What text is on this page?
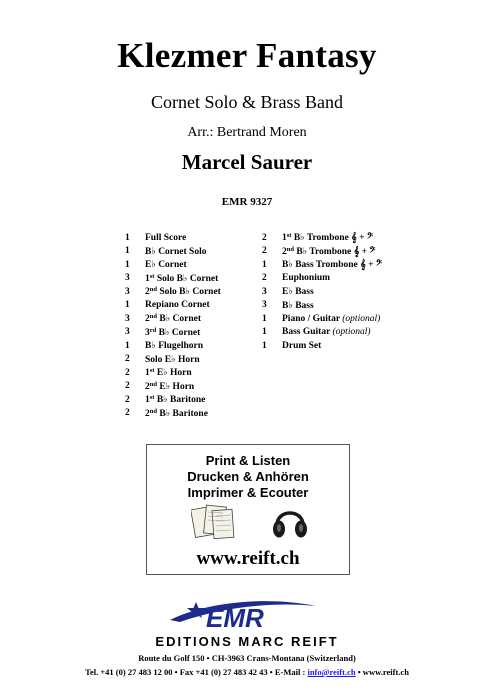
Klezmer Fantasy
Cornet Solo & Brass Band
Arr.: Bertrand Moren
Marcel Saurer
EMR 9327
1	Full Score
1	B♭ Cornet Solo
1	E♭ Cornet
3	1st Solo B♭ Cornet
3	2nd Solo B♭ Cornet
1	Repiano Cornet
3	2nd B♭ Cornet
3	3rd B♭ Cornet
1	B♭ Flugelhorn
2	Solo E♭ Horn
2	1st E♭ Horn
2	2nd E♭ Horn
2	1st B♭ Baritone
2	2nd B♭ Baritone
2	1st B♭ Trombone 𝄞 + 𝄢
2	2nd B♭ Trombone 𝄞 + 𝄢
1	B♭ Bass Trombone 𝄞 + 𝄢
2	Euphonium
3	E♭ Bass
3	B♭ Bass
1	Piano / Guitar (optional)
1	Bass Guitar (optional)
1	Drum Set
Print & Listen
Drucken & Anhören
Imprimer & Ecouter
www.reift.ch
EMR
EDITIONS MARC REIFT
Route du Golf 150 • CH-3963 Crans-Montana (Switzerland)
Tel. +41 (0) 27 483 12 00 • Fax +41 (0) 27 483 42 43 • E-Mail : info@reift.ch • www.reift.ch
